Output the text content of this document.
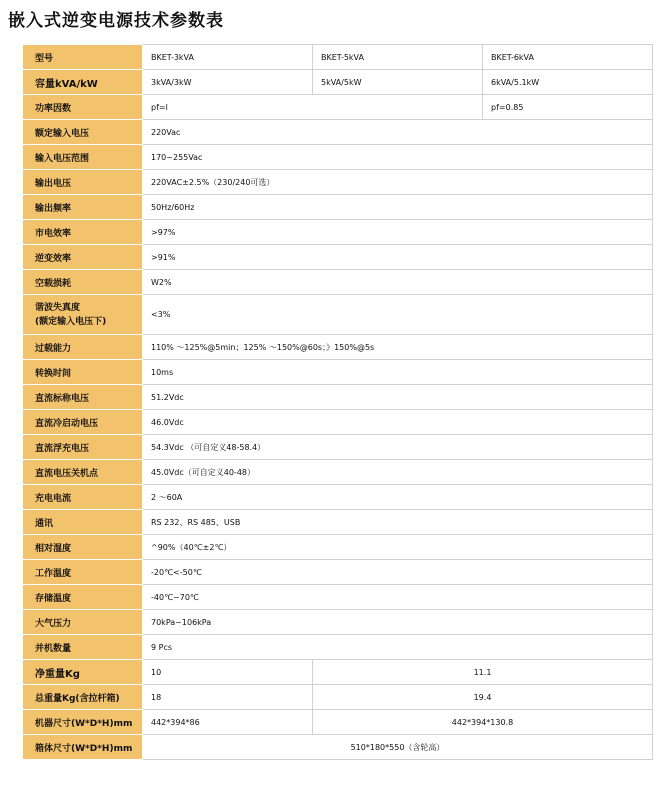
嵌入式逆变电源技术参数表
型号	BKET-3kVA	BKET-5kVA	BKET-6kVA
容量kVA/kW	3kVA/3kW	5kVA/5kW	6kVA/5.1kW
功率因数	pf=l		pf=0.85
额定输入电压	220Vac		
输入电压范围	170~255Vac		
输出电压	220VAC±2.5%（230/240可选）		
输出频率	50Hz/60Hz		
市电效率	>97%		
逆变效率	>91%		
空载损耗	W2%		

谐波失真度
(额定输入电压下)	<3%		
过载能力	110% ～125%@5min；125% ～150%@60s；》150%@5s		
转换时间	10ms		
直流标称电压	51.2Vdc		
直流冷启动电压	46.0Vdc		
直流浮充电压	54.3Vdc （可自定义48-58.4）		
直流电压关机点	45.0Vdc（可自定义40-48）		
充电电流	2 ～60A		
通讯	RS 232、RS 485、USB		
相对湿度	^90%（40℃±2℃）		
工作温度	-20℃<-50℃		
存储温度	-40℃~70℃		
大气压力	70kPa~106kPa		
并机数量	9 Pcs		
净重量Kg	10	11.1	
总重量Kg(含拉杆箱)	18	19.4	
机器尺寸(W*D*H)mm	442*394*86	442*394*130.8	
箱体尺寸(W*D*H)mm	510*180*550（含轮高）		
